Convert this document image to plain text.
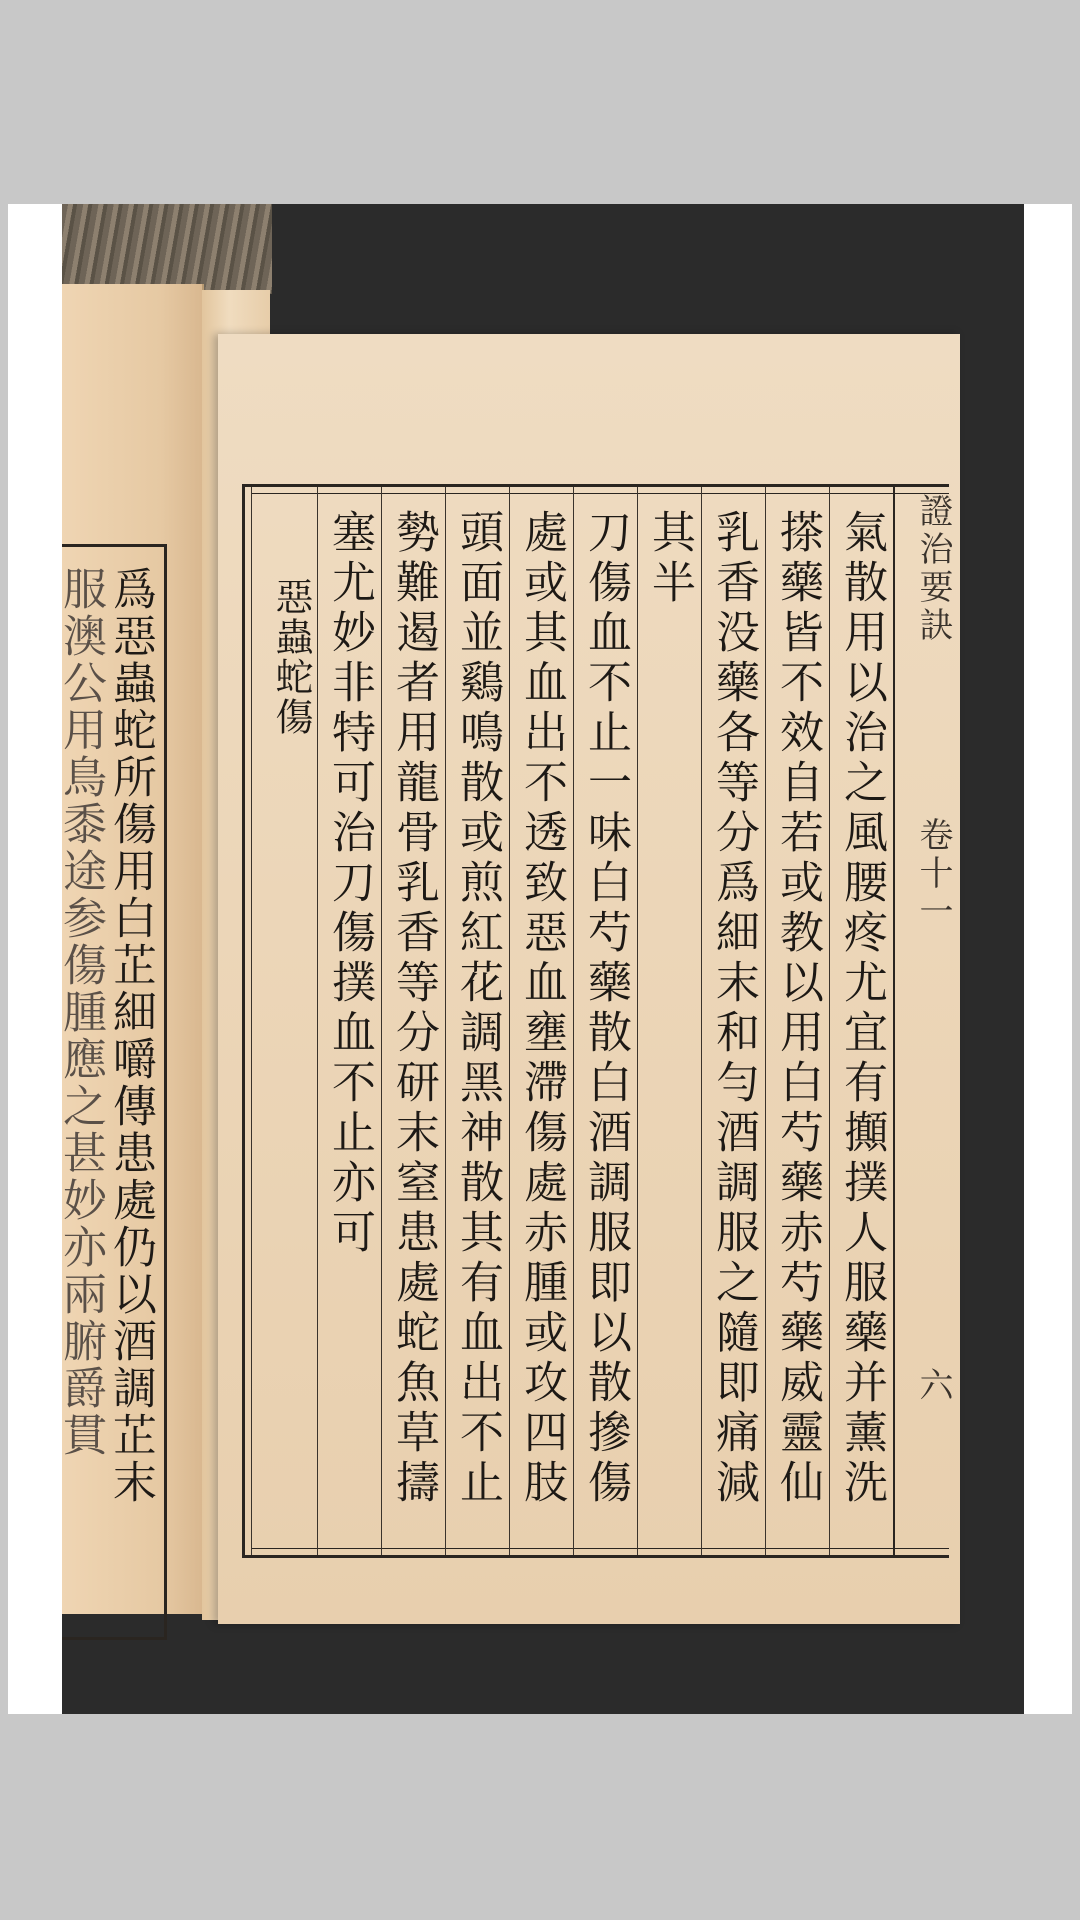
爲惡蟲蛇所傷用白芷細嚼傳患處仍以酒調芷末
服澳公用鳥黍途参傷腫應之甚妙亦兩腑爵貫	證治要訣
卷十一
六
氣散用以治之風腰疼尤宜有攧撲人服藥并薰洗
搽藥皆不效自若或教以用白芍藥赤芍藥威靈仙
乳香没藥各等分爲細末和勻酒調服之隨即痛減
其半
刀傷血不止一味白芍藥散白酒調服即以散摻傷
處或其血出不透致惡血壅滯傷處赤腫或攻四肢
頭面並鷄鳴散或煎紅花調黑神散其有血出不止
勢難遏者用龍骨乳香等分研末窒患處蛇魚草擣
塞尤妙非特可治刀傷撲血不止亦可
惡蟲蛇傷
